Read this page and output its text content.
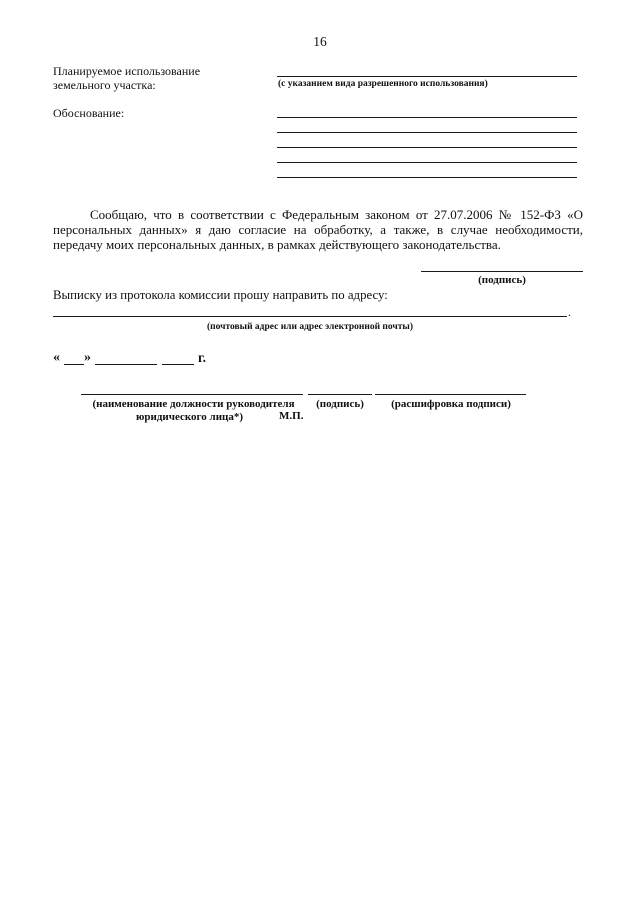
16
Планируемое использование
земельного участка:	(с указанием вида разрешенного использования)
Обоснование:
Сообщаю, что в соответствии с Федеральным законом от 27.07.2006 № 152-ФЗ «О персональных данных» я даю согласие на обработку, а также, в случае необходимости, передачу моих персональных данных, в рамках действующего законодательства.
(подпись)
Выписку из протокола комиссии прошу направить по адресу:
.
(почтовый адрес или адрес электронной почты)
« »	г.
(наименование должности руководителя
юридического лица*)
(подпись)	(расшифровка подписи)
М.П.
